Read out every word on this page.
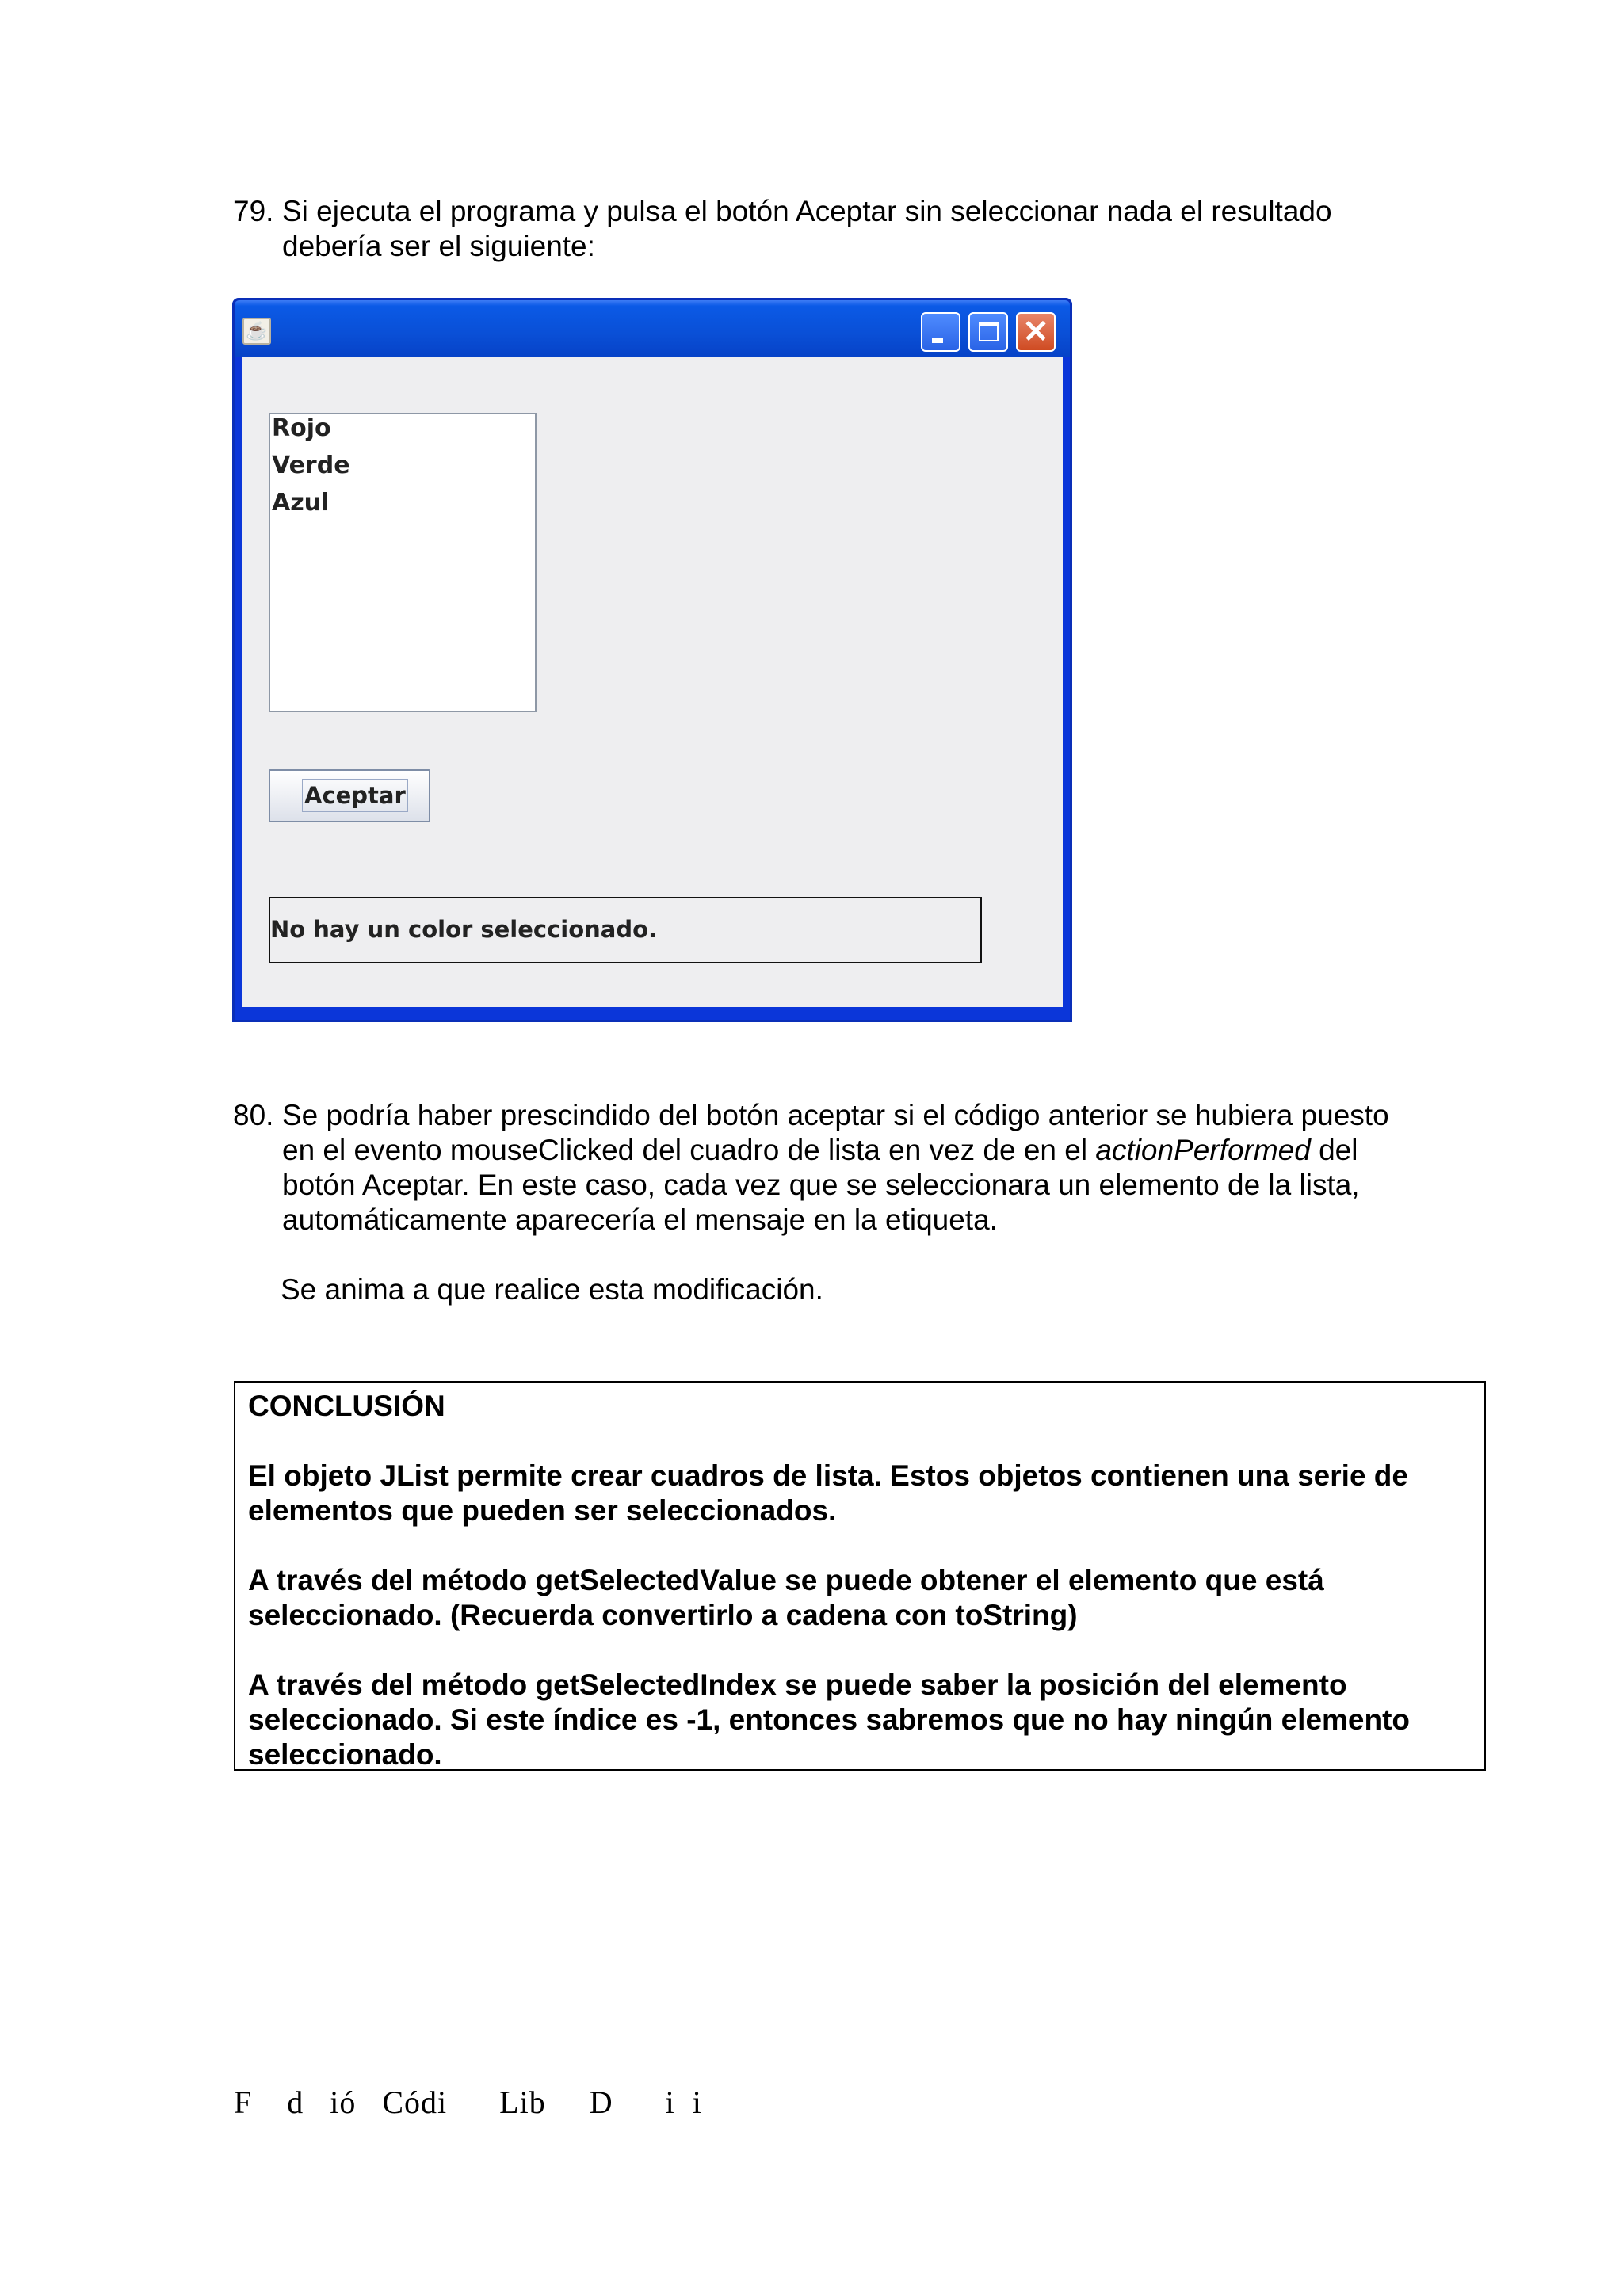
79. Si ejecuta el programa y pulsa el botón Aceptar sin seleccionar nada el resultado
debería ser el siguiente:
☕	✕
Rojo
Verde
Azul
Aceptar
No hay un color seleccionado.
80. Se podría haber prescindido del botón aceptar si el código anterior se hubiera puesto
en el evento mouseClicked del cuadro de lista en vez de en el actionPerformed del
botón Aceptar. En este caso, cada vez que se seleccionara un elemento de la lista,
automáticamente aparecería el mensaje en la etiqueta.
Se anima a que realice esta modificación.
CONCLUSIÓN
El objeto JList permite crear cuadros de lista. Estos objetos contienen una serie de
elementos que pueden ser seleccionados.
A través del método getSelectedValue se puede obtener el elemento que está
seleccionado. (Recuerda convertirlo a cadena con toString)
A través del método getSelectedIndex se puede saber la posición del elemento
seleccionado. Si este índice es -1, entonces sabremos que no hay ningún elemento
seleccionado.
F    d   ió   Códi      Lib     D      i  i
